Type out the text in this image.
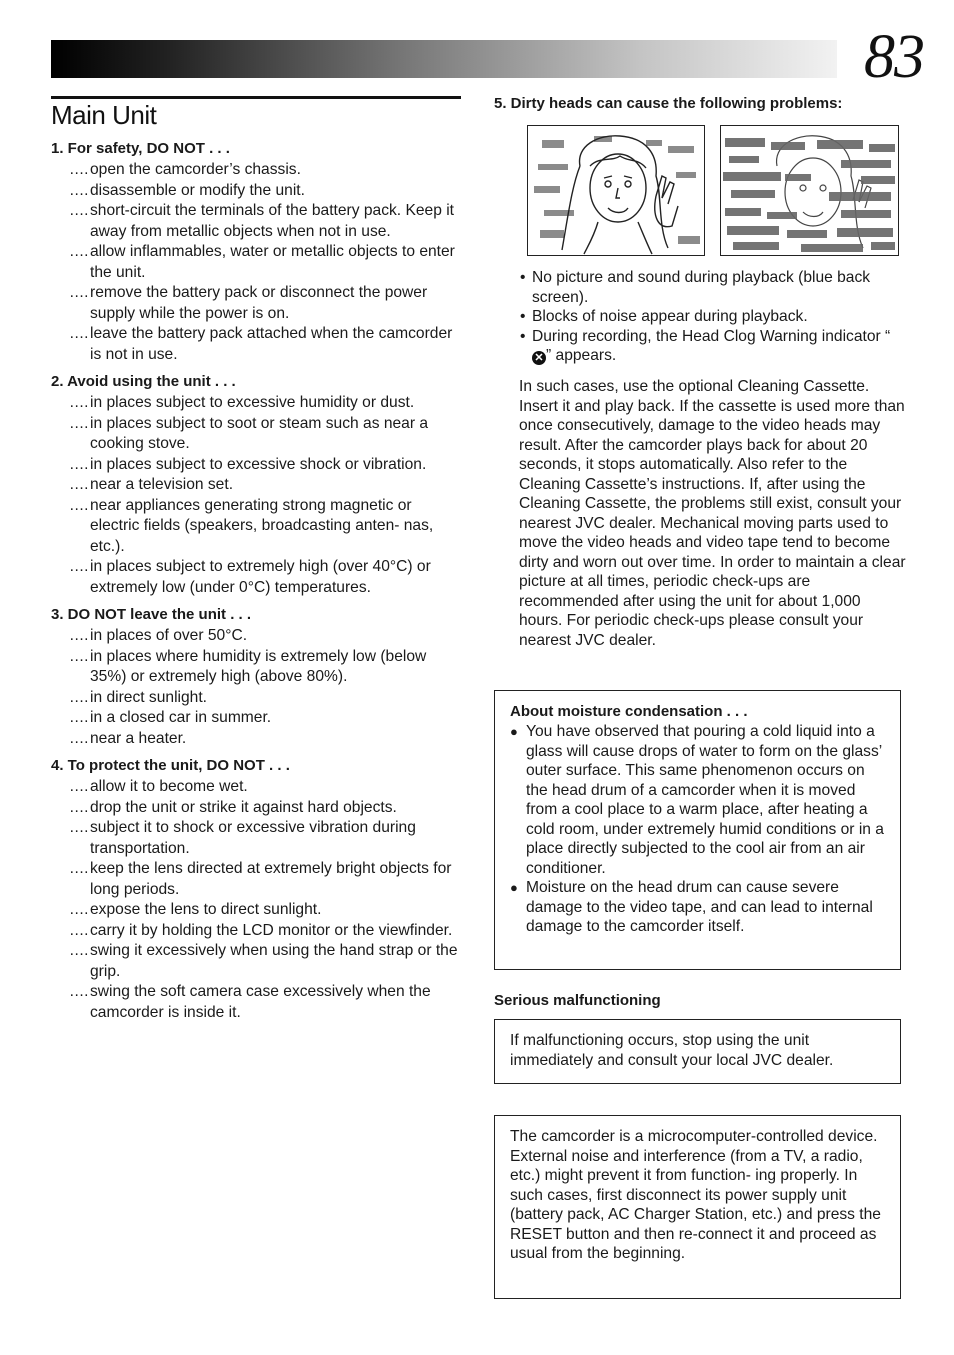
83
Main Unit
1. For safety, DO NOT . . .
.... open the camcorder’s chassis.
.... disassemble or modify the unit.
.... short-circuit the terminals of the battery pack. Keep it away from metallic objects when not in use.
.... allow inflammables, water or metallic objects to enter the unit.
.... remove the battery pack or disconnect the power supply while the power is on.
.... leave the battery pack attached when the camcorder is not in use.
2. Avoid using the unit . . .
.... in places subject to excessive humidity or dust.
.... in places subject to soot or steam such as near a cooking stove.
.... in places subject to excessive shock or vibration.
.... near a television set.
.... near appliances generating strong magnetic or electric fields (speakers, broadcasting anten- nas, etc.).
.... in places subject to extremely high (over 40°C) or extremely low (under 0°C) temperatures.
3. DO NOT leave the unit . . .
.... in places of over 50°C.
.... in places where humidity is extremely low (below 35%) or extremely high (above 80%).
.... in direct sunlight.
.... in a closed car in summer.
.... near a heater.
4. To protect the unit, DO NOT . . .
.... allow it to become wet.
.... drop the unit or strike it against hard objects.
.... subject it to shock or excessive vibration during transportation.
.... keep the lens directed at extremely bright objects for long periods.
.... expose the lens to direct sunlight.
.... carry it by holding the LCD monitor or the viewfinder.
.... swing it excessively when using the hand strap or the grip.
.... swing the soft camera case excessively when the camcorder is inside it.
5. Dirty heads can cause the following problems:
• No picture and sound during playback (blue back screen).
• Blocks of noise appear during playback.
• During recording, the Head Clog Warning indicator “✕ ” appears.
In such cases, use the optional Cleaning Cassette. Insert it and play back. If the cassette is used more than once consecutively, damage to the video heads may result. After the camcorder plays back for about 20 seconds, it stops automatically. Also refer to the Cleaning Cassette’s instructions. If, after using the Cleaning Cassette, the problems still exist, consult your nearest JVC dealer. Mechanical moving parts used to move the video heads and video tape tend to become dirty and worn out over time. In order to maintain a clear picture at all times, periodic check-ups are recommended after using the unit for about 1,000 hours. For periodic check-ups please consult your nearest JVC dealer.
About moisture condensation . . .
● You have observed that pouring a cold liquid into a glass will cause drops of water to form on the glass’ outer surface. This same phenomenon occurs on the head drum of a camcorder when it is moved from a cool place to a warm place, after heating a cold room, under extremely humid conditions or in a place directly subjected to the cool air from an air conditioner.
● Moisture on the head drum can cause severe damage to the video tape, and can lead to internal damage to the camcorder itself.
Serious malfunctioning
If malfunctioning occurs, stop using the unit immediately and consult your local JVC dealer.
The camcorder is a microcomputer-controlled device. External noise and interference (from a TV, a radio, etc.) might prevent it from function- ing properly. In such cases, first disconnect its power supply unit (battery pack, AC Charger Station, etc.) and press the RESET button and then re-connect it and proceed as usual from the beginning.
